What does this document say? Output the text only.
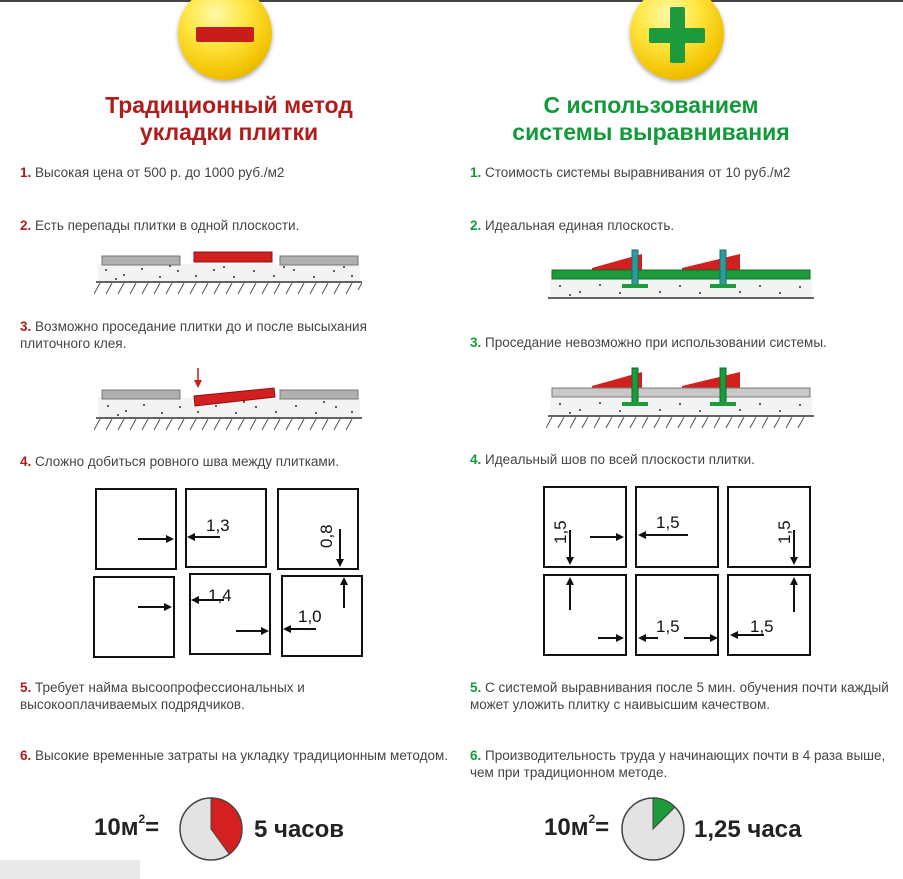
Традиционный метод
укладки плитки
1. Высокая цена от 500 р. до 1000 руб./м2
2. Есть перепады плитки в одной плоскости.
3. Возможно проседание плитки до и после высыхания плиточного клея.
4. Сложно добиться ровного шва между плитками.
1,3	0,8
1,4
1,0
5. Требует найма высоопрофессиональных и высокооплачиваемых подрядчиков.
6. Высокие временные затраты на укладку традиционным методом.
$10м^2=$	5 часов
С использованием
системы выравнивания
1. Стоимость системы выравнивания от 10 руб./м2
2. Идеальная единая плоскость.
3. Проседание невозможно при использовании системы.
4. Идеальный шов по всей плоскости плитки.
1,5	1,5	1,5
1,5	1,5
5. С системой выравнивания после 5 мин. обучения почти каждый может уложить плитку с наивысшим качеством.
6. Производительность труда у начинающих почти в 4 раза выше, чем при традиционном методе.
$10м^2=$	1,25 часа
